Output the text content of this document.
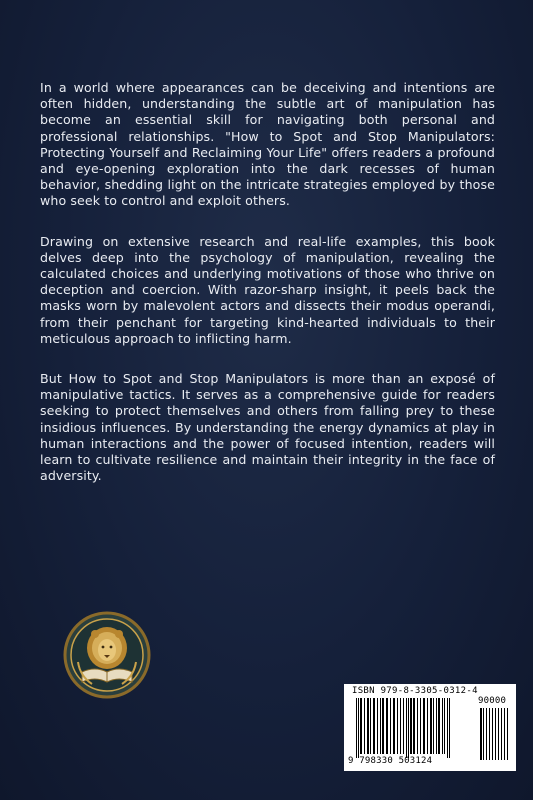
In a world where appearances can be deceiving and intentions are often hidden, understanding the subtle art of manipulation has become an essential skill for navigating both personal and professional relationships. "How to Spot and Stop Manipulators: Protecting Yourself and Reclaiming Your Life" offers readers a profound and eye-opening exploration into the dark recesses of human behavior, shedding light on the intricate strategies employed by those who seek to control and exploit others.

Drawing on extensive research and real-life examples, this book delves deep into the psychology of manipulation, revealing the calculated choices and underlying motivations of those who thrive on deception and coercion. With razor-sharp insight, it peels back the masks worn by malevolent actors and dissects their modus operandi, from their penchant for targeting kind-hearted individuals to their meticulous approach to inflicting harm.

But How to Spot and Stop Manipulators is more than an exposé of manipulative tactics. It serves as a comprehensive guide for readers seeking to protect themselves and others from falling prey to these insidious influences. By understanding the energy dynamics at play in human interactions and the power of focused intention, readers will learn to cultivate resilience and maintain their integrity in the face of adversity.

ISBN 979-8-3305-0312-4
9 798330 503124
90000
